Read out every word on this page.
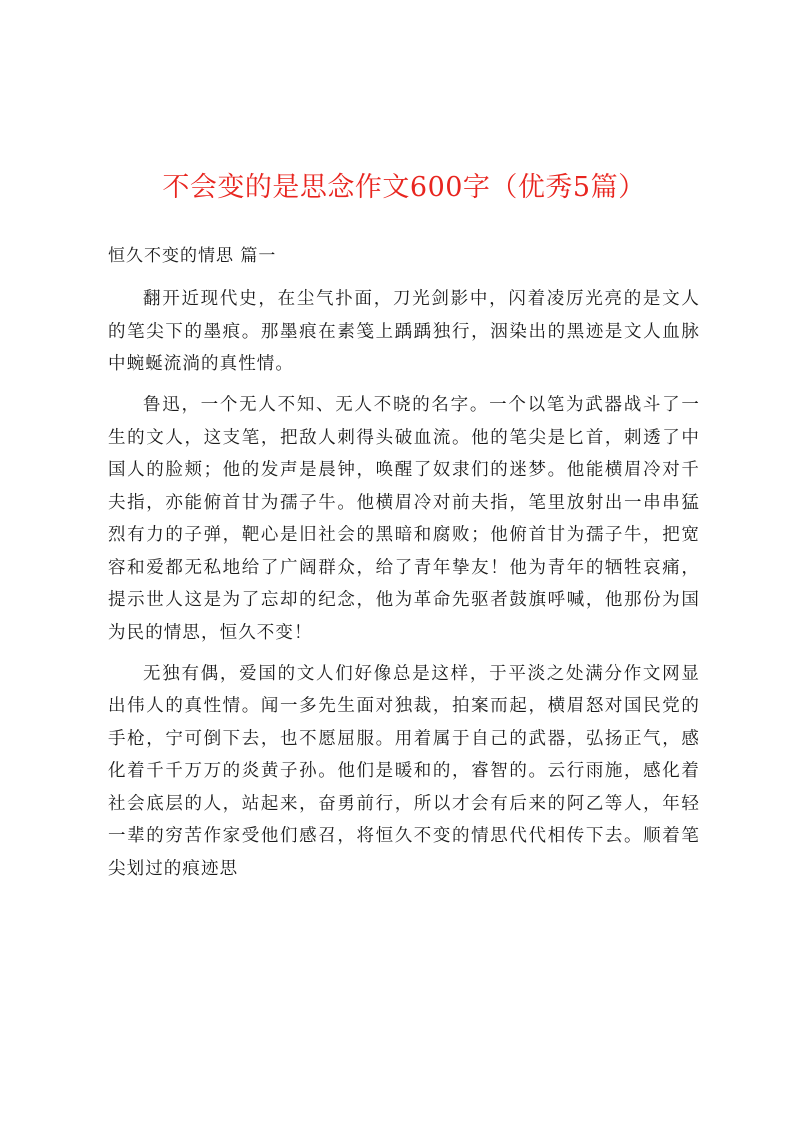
不会变的是思念作文600字（优秀5篇）
恒久不变的情思 篇一

翻开近现代史，在尘气扑面，刀光剑影中，闪着凌厉光亮的是文人的笔尖下的墨痕。那墨痕在素笺上踽踽独行，洇染出的黑迹是文人血脉中蜿蜒流淌的真性情。

鲁迅，一个无人不知、无人不晓的名字。一个以笔为武器战斗了一生的文人，这支笔，把敌人刺得头破血流。他的笔尖是匕首，刺透了中国人的脸颊；他的发声是晨钟，唤醒了奴隶们的迷梦。他能横眉冷对千夫指，亦能俯首甘为孺子牛。他横眉冷对前夫指，笔里放射出一串串猛烈有力的子弹，靶心是旧社会的黑暗和腐败；他俯首甘为孺子牛，把宽容和爱都无私地给了广阔群众，给了青年挚友！他为青年的牺牲哀痛，提示世人这是为了忘却的纪念，他为革命先驱者鼓旗呼喊，他那份为国为民的情思，恒久不变！

无独有偶，爱国的文人们好像总是这样，于平淡之处满分作文网显出伟人的真性情。闻一多先生面对独裁，拍案而起，横眉怒对国民党的手枪，宁可倒下去，也不愿屈服。用着属于自己的武器，弘扬正气，感化着千千万万的炎黄子孙。他们是暖和的，睿智的。云行雨施，感化着社会底层的人，站起来，奋勇前行，所以才会有后来的阿乙等人，年轻一辈的穷苦作家受他们感召，将恒久不变的情思代代相传下去。顺着笔尖划过的痕迹思
